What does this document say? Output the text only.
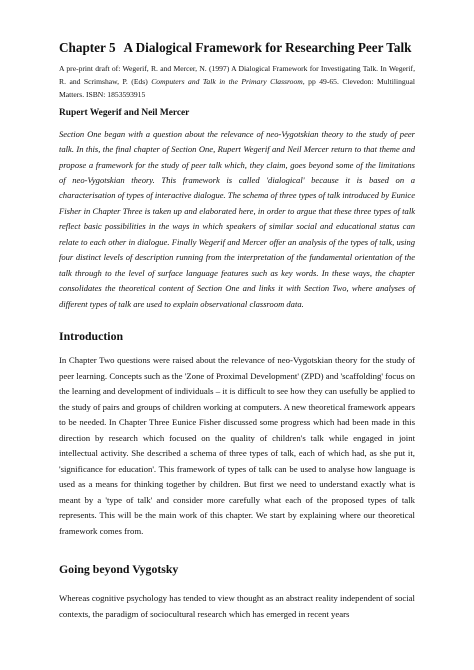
Chapter 5 A Dialogical Framework for Researching Peer Talk

A pre-print draft of: Wegerif, R. and Mercer, N. (1997) A Dialogical Framework for Investigating Talk. In Wegerif, R. and Scrimshaw, P. (Eds) Computers and Talk in the Primary Classroom, pp 49-65. Clevedon: Multilingual Matters. ISBN: 1853593915

Rupert Wegerif and Neil Mercer

Section One began with a question about the relevance of neo-Vygotskian theory to the study of peer talk. In this, the final chapter of Section One, Rupert Wegerif and Neil Mercer return to that theme and propose a framework for the study of peer talk which, they claim, goes beyond some of the limitations of neo-Vygotskian theory. This framework is called 'dialogical' because it is based on a characterisation of types of interactive dialogue. The schema of three types of talk introduced by Eunice Fisher in Chapter Three is taken up and elaborated here, in order to argue that these three types of talk reflect basic possibilities in the ways in which speakers of similar social and educational status can relate to each other in dialogue. Finally Wegerif and Mercer offer an analysis of the types of talk, using four distinct levels of description running from the interpretation of the fundamental orientation of the talk through to the level of surface language features such as key words. In these ways, the chapter consolidates the theoretical content of Section One and links it with Section Two, where analyses of different types of talk are used to explain observational classroom data.

Introduction

In Chapter Two questions were raised about the relevance of neo-Vygotskian theory for the study of peer learning. Concepts such as the 'Zone of Proximal Development' (ZPD) and 'scaffolding' focus on the learning and development of individuals – it is difficult to see how they can usefully be applied to the study of pairs and groups of children working at computers. A new theoretical framework appears to be needed. In Chapter Three Eunice Fisher discussed some progress which had been made in this direction by research which focused on the quality of children's talk while engaged in joint intellectual activity. She described a schema of three types of talk, each of which had, as she put it, 'significance for education'. This framework of types of talk can be used to analyse how language is used as a means for thinking together by children. But first we need to understand exactly what is meant by a 'type of talk' and consider more carefully what each of the proposed types of talk represents. This will be the main work of this chapter. We start by explaining where our theoretical framework comes from.

Going beyond Vygotsky

Whereas cognitive psychology has tended to view thought as an abstract reality independent of social contexts, the paradigm of sociocultural research which has emerged in recent years
